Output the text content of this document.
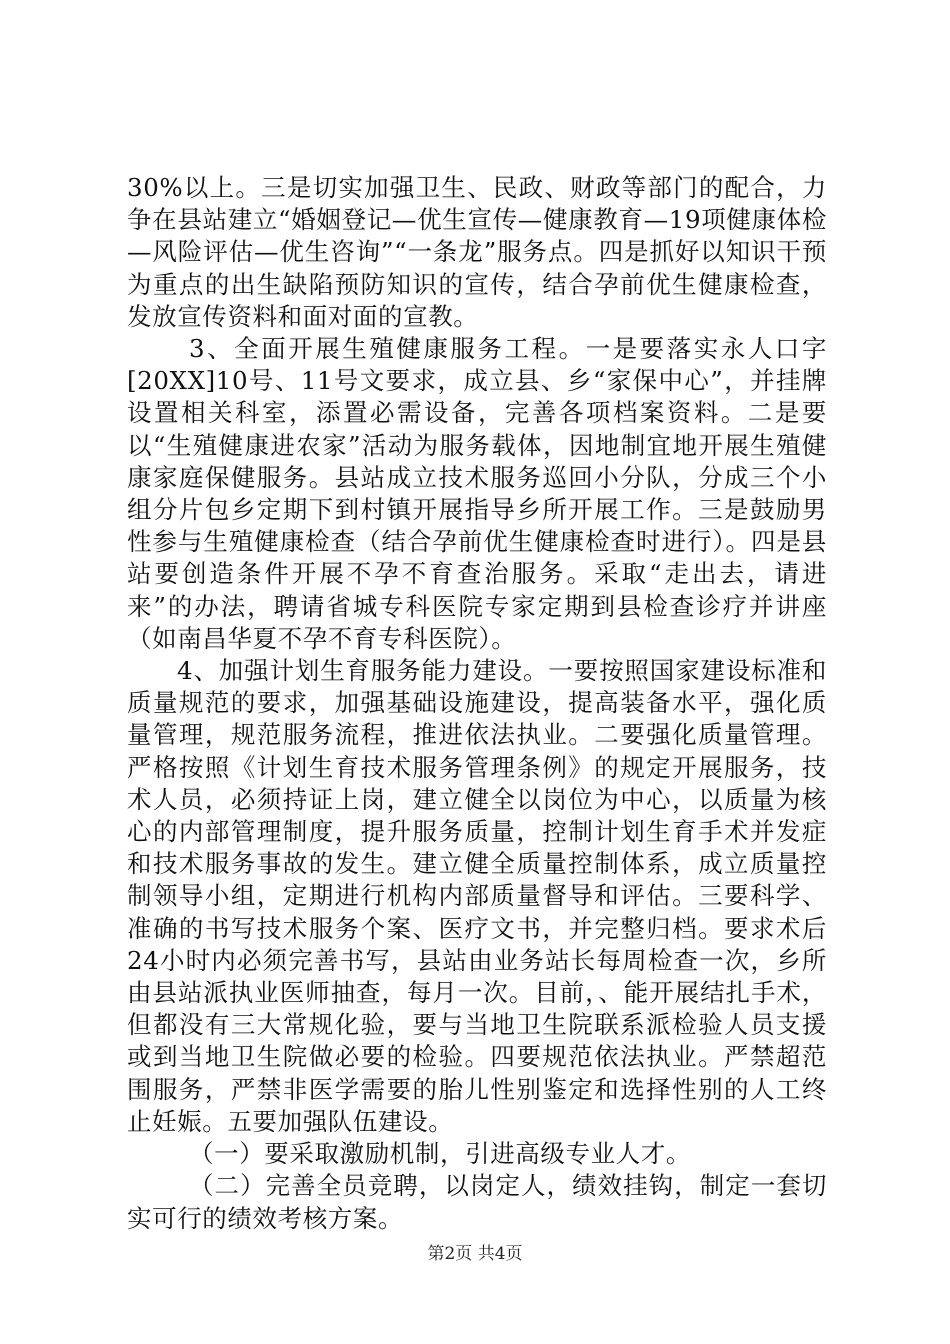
30%以上。三是切实加强卫生、民政、财政等部门的配合，力争在县站建立“婚姻登记—优生宣传—健康教育—19项健康体检—风险评估—优生咨询”“一条龙”服务点。四是抓好以知识干预为重点的出生缺陷预防知识的宣传，结合孕前优生健康检查，发放宣传资料和面对面的宣教。

3、全面开展生殖健康服务工程。一是要落实永人口字[20XX]10号、11号文要求，成立县、乡“家保中心”，并挂牌设置相关科室，添置必需设备，完善各项档案资料。二是要以“生殖健康进农家”活动为服务载体，因地制宜地开展生殖健康家庭保健服务。县站成立技术服务巡回小分队，分成三个小组分片包乡定期下到村镇开展指导乡所开展工作。三是鼓励男性参与生殖健康检查（结合孕前优生健康检查时进行）。四是县站要创造条件开展不孕不育查治服务。采取“走出去，请进来”的办法，聘请省城专科医院专家定期到县检查诊疗并讲座（如南昌华夏不孕不育专科医院）。

4、加强计划生育服务能力建设。一要按照国家建设标准和质量规范的要求，加强基础设施建设，提高装备水平，强化质量管理，规范服务流程，推进依法执业。二要强化质量管理。严格按照《计划生育技术服务管理条例》的规定开展服务，技术人员，必须持证上岗，建立健全以岗位为中心，以质量为核心的内部管理制度，提升服务质量，控制计划生育手术并发症和技术服务事故的发生。建立健全质量控制体系，成立质量控制领导小组，定期进行机构内部质量督导和评估。三要科学、准确的书写技术服务个案、医疗文书，并完整归档。要求术后24小时内必须完善书写，县站由业务站长每周检查一次，乡所由县站派执业医师抽查，每月一次。目前，、能开展结扎手术，但都没有三大常规化验，要与当地卫生院联系派检验人员支援或到当地卫生院做必要的检验。四要规范依法执业。严禁超范围服务，严禁非医学需要的胎儿性别鉴定和选择性别的人工终止妊娠。五要加强队伍建设。

（一）要采取激励机制，引进高级专业人才。

（二）完善全员竞聘，以岗定人，绩效挂钩，制定一套切实可行的绩效考核方案。

第2页 共4页
